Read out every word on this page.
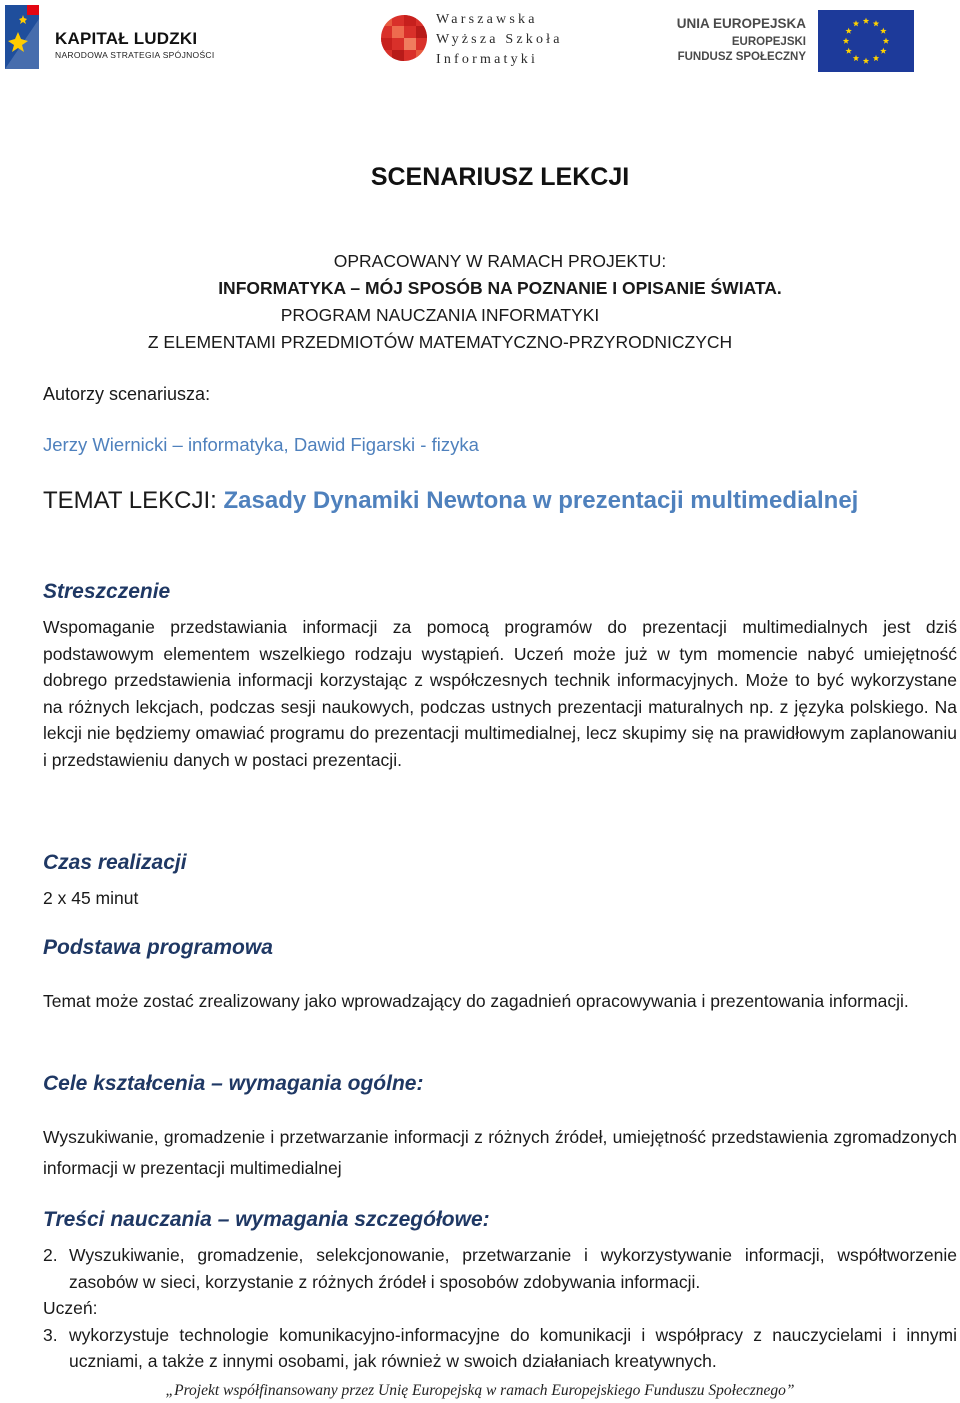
KAPITAŁ LUDZKI
NARODOWA STRATEGIA SPÓJNOŚCI
Warszawska
Wyższa Szkoła
Informatyki
UNIA EUROPEJSKA
EUROPEJSKI
FUNDUSZ SPOŁECZNY
SCENARIUSZ LEKCJI
OPRACOWANY W RAMACH PROJEKTU:
INFORMATYKA – MÓJ SPOSÓB NA POZNANIE I OPISANIE ŚWIATA.
PROGRAM NAUCZANIA INFORMATYKI
Z ELEMENTAMI PRZEDMIOTÓW MATEMATYCZNO-PRZYRODNICZYCH
Autorzy scenariusza:
Jerzy Wiernicki – informatyka, Dawid Figarski - fizyka
TEMAT LEKCJI: Zasady Dynamiki Newtona w prezentacji multimedialnej
Streszczenie
Wspomaganie przedstawiania informacji za pomocą programów do prezentacji multimedialnych jest dziś podstawowym elementem wszelkiego rodzaju wystąpień. Uczeń może już w tym momencie nabyć umiejętność dobrego przedstawienia informacji korzystając z współczesnych technik informacyjnych. Może to być wykorzystane na różnych lekcjach, podczas sesji naukowych, podczas ustnych prezentacji maturalnych np. z języka polskiego. Na lekcji nie będziemy omawiać programu do prezentacji multimedialnej, lecz skupimy się na prawidłowym zaplanowaniu i przedstawieniu danych w postaci prezentacji.
Czas realizacji
2 x 45 minut
Podstawa programowa
Temat może zostać zrealizowany jako wprowadzający do zagadnień opracowywania i prezentowania informacji.
Cele kształcenia – wymagania ogólne:
Wyszukiwanie, gromadzenie i przetwarzanie informacji z różnych źródeł, umiejętność przedstawienia zgromadzonych informacji w prezentacji multimedialnej
Treści nauczania – wymagania szczegółowe:
2. Wyszukiwanie, gromadzenie, selekcjonowanie, przetwarzanie i wykorzystywanie informacji, współtworzenie zasobów w sieci, korzystanie z różnych źródeł i sposobów zdobywania informacji.
Uczeń:
3. wykorzystuje technologie komunikacyjno-informacyjne do komunikacji i współpracy z nauczycielami i innymi uczniami, a także z innymi osobami, jak również w swoich działaniach kreatywnych.
„Projekt współfinansowany przez Unię Europejską w ramach Europejskiego Funduszu Społecznego”
